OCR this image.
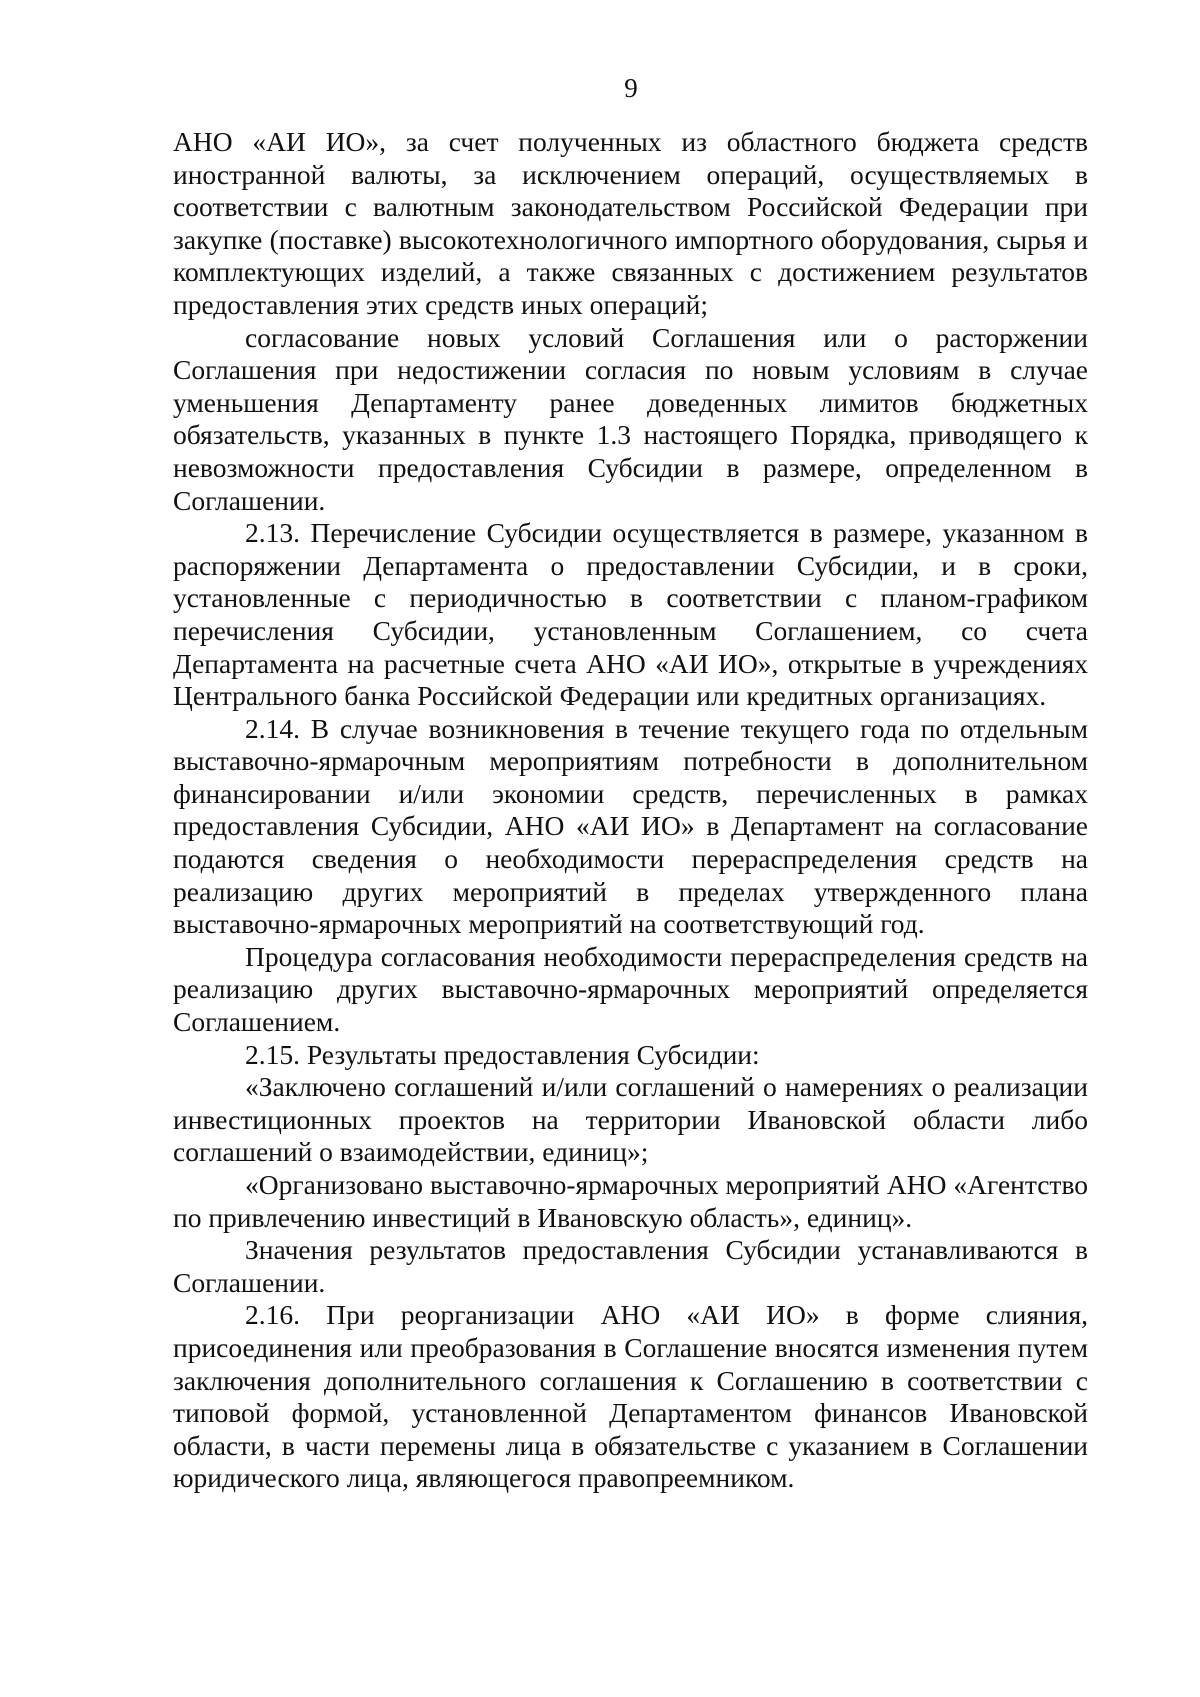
9

АНО «АИ ИО», за счет полученных из областного бюджета средств иностранной валюты, за исключением операций, осуществляемых в соответствии с валютным законодательством Российской Федерации при закупке (поставке) высокотехнологичного импортного оборудования, сырья и комплектующих изделий, а также связанных с достижением результатов предоставления этих средств иных операций;

согласование новых условий Соглашения или о расторжении Соглашения при недостижении согласия по новым условиям в случае уменьшения Департаменту ранее доведенных лимитов бюджетных обязательств, указанных в пункте 1.3 настоящего Порядка, приводящего к невозможности предоставления Субсидии в размере, определенном в Соглашении.

2.13. Перечисление Субсидии осуществляется в размере, указанном в распоряжении Департамента о предоставлении Субсидии, и в сроки, установленные с периодичностью в соответствии с планом-графиком перечисления Субсидии, установленным Соглашением, со счета Департамента на расчетные счета АНО «АИ ИО», открытые в учреждениях Центрального банка Российской Федерации или кредитных организациях.

2.14. В случае возникновения в течение текущего года по отдельным выставочно-ярмарочным мероприятиям потребности в дополнительном финансировании и/или экономии средств, перечисленных в рамках предоставления Субсидии, АНО «АИ ИО» в Департамент на согласование подаются сведения о необходимости перераспределения средств на реализацию других мероприятий в пределах утвержденного плана выставочно-ярмарочных мероприятий на соответствующий год.

Процедура согласования необходимости перераспределения средств на реализацию других выставочно-ярмарочных мероприятий определяется Соглашением.

2.15. Результаты предоставления Субсидии:

«Заключено соглашений и/или соглашений о намерениях о реализации инвестиционных проектов на территории Ивановской области либо соглашений о взаимодействии, единиц»;

«Организовано выставочно-ярмарочных мероприятий АНО «Агентство по привлечению инвестиций в Ивановскую область», единиц».

Значения результатов предоставления Субсидии устанавливаются в Соглашении.

2.16. При реорганизации АНО «АИ ИО» в форме слияния, присоединения или преобразования в Соглашение вносятся изменения путем заключения дополнительного соглашения к Соглашению в соответствии с типовой формой, установленной Департаментом финансов Ивановской области, в части перемены лица в обязательстве с указанием в Соглашении юридического лица, являющегося правопреемником.
